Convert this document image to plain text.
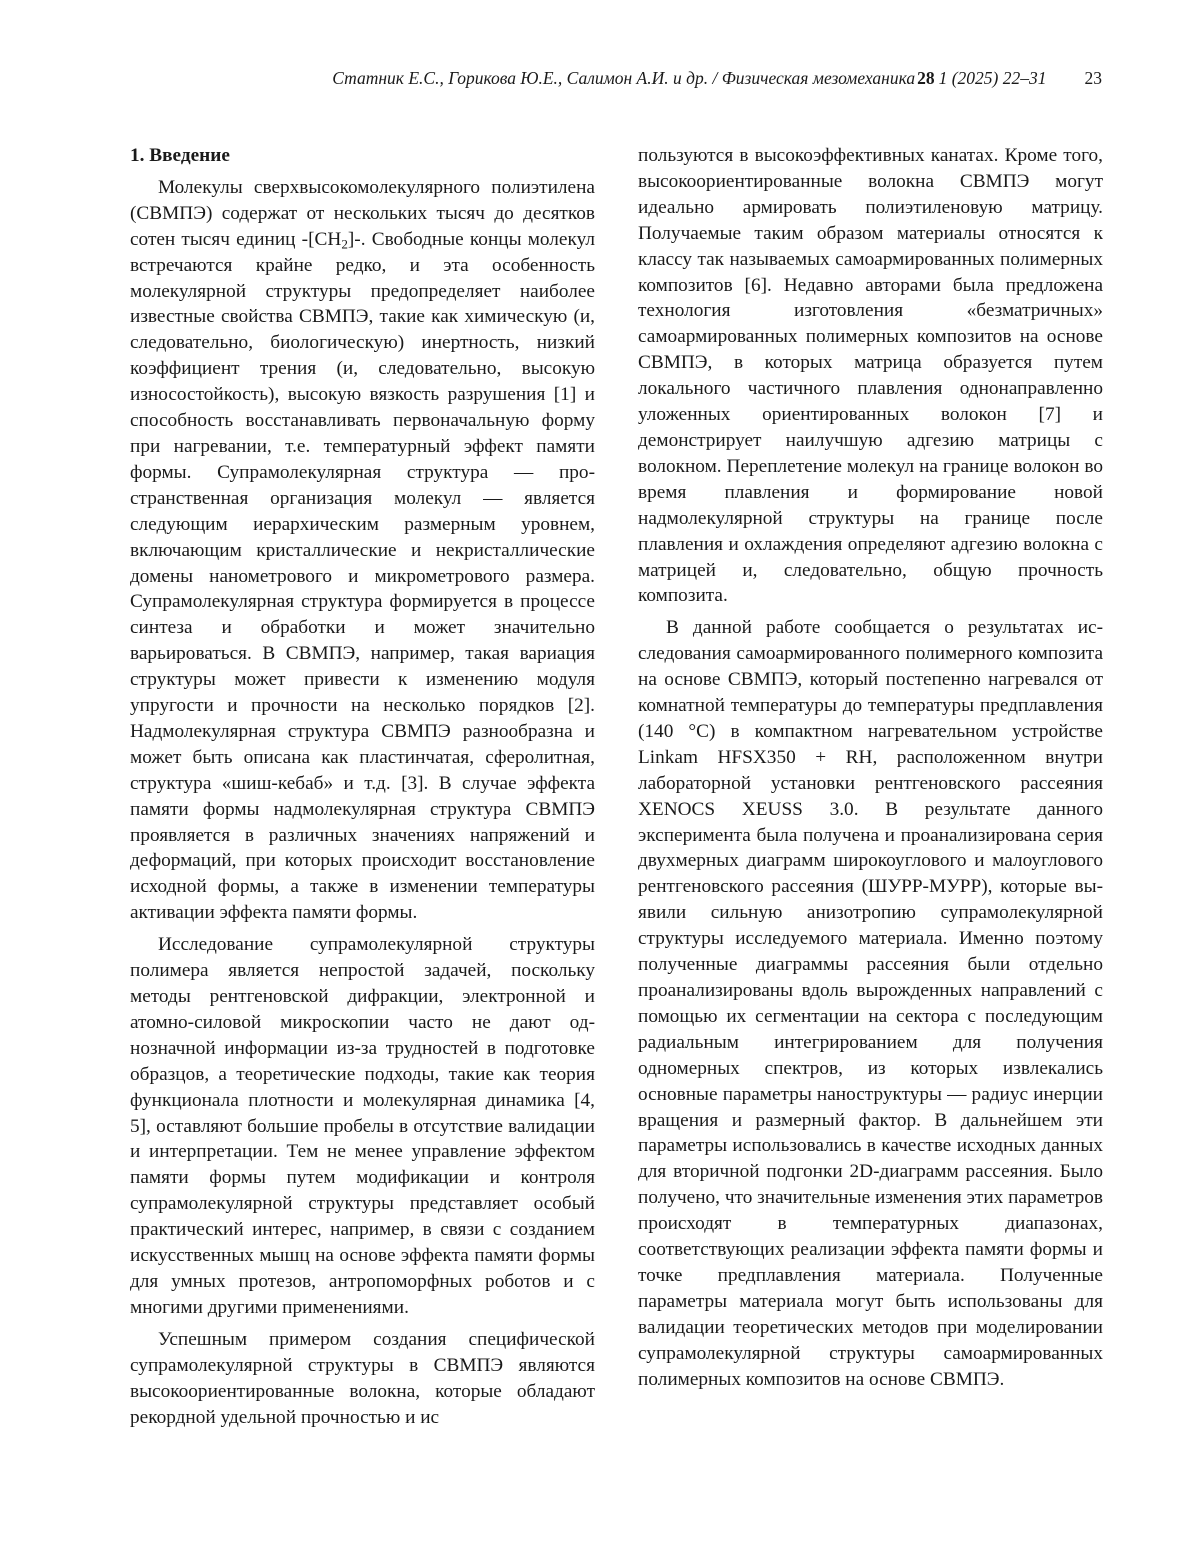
Статник Е.С., Горикова Ю.Е., Салимон А.И. и др. / Физическая мезомеханика 28 1 (2025) 22–31 23
1. Введение

Молекулы сверхвысокомолекулярного поли­этилена (СВМПЭ) содержат от нескольких тысяч до десятков сотен тысяч единиц -[CH2]-. Свобод­ные концы молекул встречаются крайне редко, и эта особенность молекулярной структуры пред­определяет наиболее известные свойства СВМПЭ, такие как химическую (и, следовательно, биоло­гическую) инертность, низкий коэффициент тре­ния (и, следовательно, высокую износостой­кость), высокую вязкость разрушения [1] и спо­собность восстанавливать первоначальную форму при нагревании, т.е. температурный эффект памя­ти формы. Супрамолекулярная структура — про­странственная организация молекул — является следующим иерархическим размерным уровнем, включающим кристаллические и некристалличес­кие домены нанометрового и микрометрового размера. Супрамолекулярная структура формиру­ется в процессе синтеза и обработки и может зна­чительно варьироваться. В СВМПЭ, например, такая вариация структуры может привести к из­менению модуля упругости и прочности на не­сколько порядков [2]. Надмолекулярная структу­ра СВМПЭ разнообразна и может быть описана как пластинчатая, сферолитная, структура «шиш-кебаб» и т.д. [3]. В случае эффекта памяти формы надмолекулярная структура СВМПЭ проявляется в различных значениях напряжений и деформа­ций, при которых происходит восстановление ис­ходной формы, а также в изменении температуры активации эффекта памяти формы.

Исследование супрамолекулярной структуры полимера является непростой задачей, поскольку методы рентгеновской дифракции, электронной и атомно-силовой микроскопии часто не дают од­нозначной информации из-за трудностей в подго­товке образцов, а теоретические подходы, такие как теория функционала плотности и молекуляр­ная динамика [4, 5], оставляют большие пробелы в отсутствие валидации и интерпретации. Тем не менее управление эффектом памяти формы путем модификации и контроля супрамолекулярной структуры представляет особый практический интерес, например, в связи с созданием искусст­венных мышц на основе эффекта памяти формы для умных протезов, антропоморфных роботов и с многими другими применениями.

Успешным примером создания специфической супрамолекулярной структуры в СВМПЭ являют­ся высокоориентированные волокна, которые об­ладают рекордной удельной прочностью и ис­

пользуются в высокоэффективных канатах. Кро­ме того, высокоориентированные волокна СВМПЭ могут идеально армировать полиэтиленовую мат­рицу. Получаемые таким образом материалы от­носятся к классу так называемых самоармирован­ных полимерных композитов [6]. Недавно автора­ми была предложена технология изготовления «безматричных» самоармированных полимерных композитов на основе СВМПЭ, в которых матри­ца образуется путем локального частичного плав­ления однонаправленно уложенных ориентиро­ванных волокон [7] и демонстрирует наилучшую адгезию матрицы с волокном. Переплетение мо­лекул на границе волокон во время плавления и формирование новой надмолекулярной структу­ры на границе после плавления и охлаждения оп­ределяют адгезию волокна с матрицей и, следова­тельно, общую прочность композита.

В данной работе сообщается о результатах ис­следования самоармированного полимерного ком­позита на основе СВМПЭ, который постепенно нагревался от комнатной температуры до темпе­ратуры предплавления (140 °C) в компактном на­гревательном устройстве Linkam HFSX350 + RH, расположенном внутри лабораторной установки рентгеновского рассеяния XENOCS XEUSS 3.0. В результате данного эксперимента была полу­чена и проанализирована серия двухмерных диа­грамм широкоуглового и малоуглового рентге­новского рассеяния (ШУРР-МУРР), которые вы­явили сильную анизотропию супрамолекулярной структуры исследуемого материала. Именно по­этому полученные диаграммы рассеяния были от­дельно проанализированы вдоль вырожденных направлений с помощью их сегментации на сек­тора с последующим радиальным интегрировани­ем для получения одномерных спектров, из кото­рых извлекались основные параметры нанострук­туры — радиус инерции вращения и размерный фактор. В дальнейшем эти параметры использо­вались в качестве исходных данных для вторич­ной подгонки 2D-диаграмм рассеяния. Было по­лучено, что значительные изменения этих пара­метров происходят в температурных диапазонах, соответствующих реализации эффекта памяти формы и точке предплавления материала. Полу­ченные параметры материала могут быть исполь­зованы для валидации теоретических методов при моделировании супрамолекулярной структуры самоармированных полимерных композитов на основе СВМПЭ.
